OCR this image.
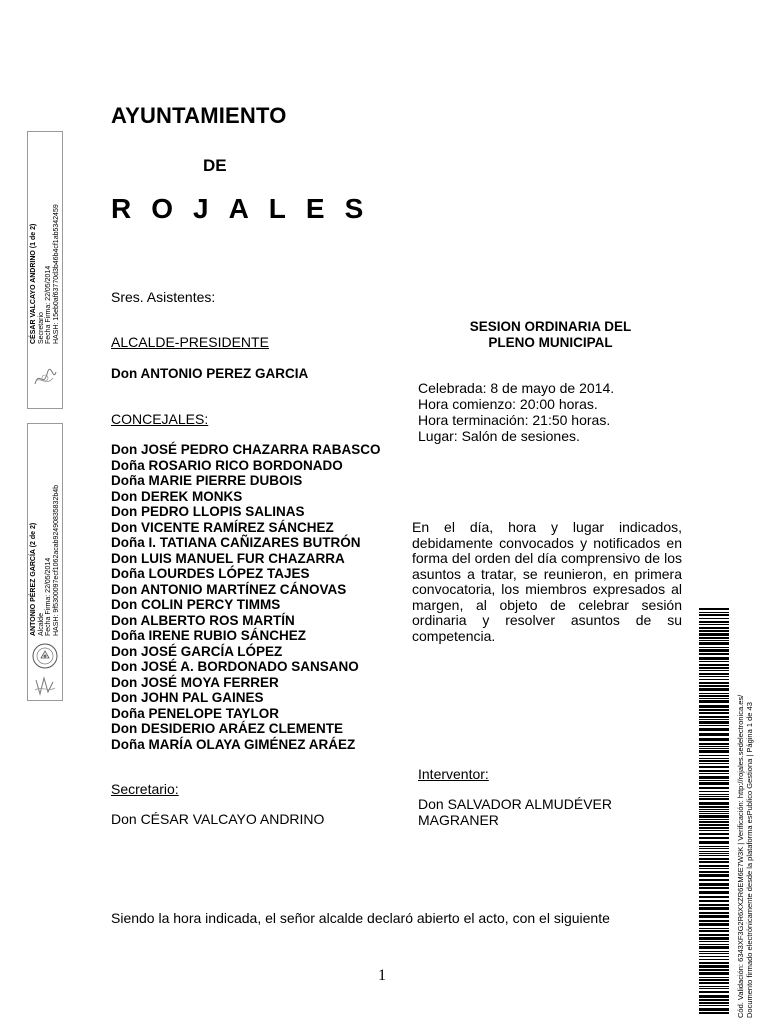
AYUNTAMIENTO
DE
ROJALES
Sres. Asistentes:
ALCALDE-PRESIDENTE
Don ANTONIO PEREZ GARCIA
CONCEJALES:
Don JOSÉ PEDRO CHAZARRA RABASCO
Doña ROSARIO RICO BORDONADO
Doña MARIE PIERRE DUBOIS
Don DEREK MONKS
Don PEDRO LLOPIS SALINAS
Don VICENTE RAMÍREZ SÁNCHEZ
Doña I. TATIANA CAÑIZARES BUTRÓN
Don LUIS MANUEL FUR CHAZARRA
Doña LOURDES LÓPEZ TAJES
Don ANTONIO MARTÍNEZ CÁNOVAS
Don COLIN PERCY TIMMS
Don ALBERTO ROS MARTÍN
Doña IRENE RUBIO SÁNCHEZ
Don JOSÉ GARCÍA LÓPEZ
Don JOSÉ A. BORDONADO SANSANO
Don JOSÉ MOYA FERRER
Don JOHN PAL GAINES
Doña PENELOPE TAYLOR
Don DESIDERIO ARÁEZ CLEMENTE
Doña MARÍA OLAYA GIMÉNEZ ARÁEZ
Secretario:
Don CÉSAR VALCAYO ANDRINO
SESION ORDINARIA DEL
PLENO MUNICIPAL
Celebrada: 8 de mayo de 2014.
Hora comienzo: 20:00 horas.
Hora terminación: 21:50 horas.
Lugar: Salón de sesiones.
En el día, hora y lugar indicados, debidamente convocados y notificados en forma del orden del día comprensivo de los asuntos a tratar, se reunieron, en primera convocatoria, los miembros expresados al margen, al objeto de celebrar sesión ordinaria y resolver asuntos de su competencia.
Interventor:
Don SALVADOR ALMUDÉVER
MAGRANER
Siendo la hora indicada, el señor alcalde declaró abierto el acto, con el siguiente
1
CÉSAR VALCAYO ANDRINO (1 de 2) Secretario Fecha Firma: 22/05/2014 HASH: 15eb0af63770d3b46b4cf1ab5342459
ANTONIO PÉREZ GARCÍA (2 de 2) Alcalde Fecha Firma: 22/05/2014 HASH: 9f5300097ecf1062acab92490835832b4b
Cód. Validación: 6343XF3G2R6XXZR6EM6E7W3K | Verificación: http://rojales.sedelectronica.es/ Documento firmado electrónicamente desde la plataforma esPublico Gestiona | Página 1 de 43
